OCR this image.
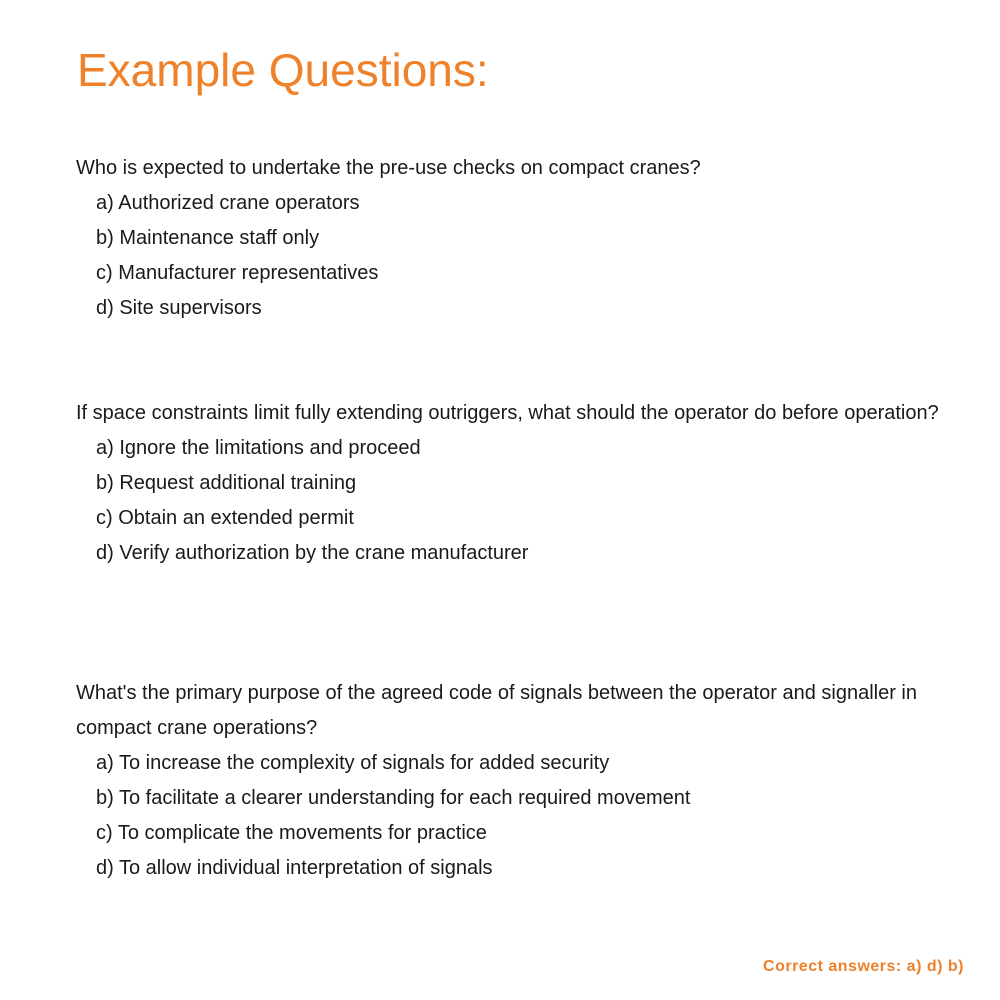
Example Questions:

Who is expected to undertake the pre-use checks on compact cranes?

a) Authorized crane operators
b) Maintenance staff only
c) Manufacturer representatives
d) Site supervisors

If space constraints limit fully extending outriggers, what should the operator do before operation?

a) Ignore the limitations and proceed
b) Request additional training
c) Obtain an extended permit
d) Verify authorization by the crane manufacturer

What's the primary purpose of the agreed code of signals between the operator and signaller in compact crane operations?

a) To increase the complexity of signals for added security
b) To facilitate a clearer understanding for each required movement
c) To complicate the movements for practice
d) To allow individual interpretation of signals
Correct answers: a) d) b)
